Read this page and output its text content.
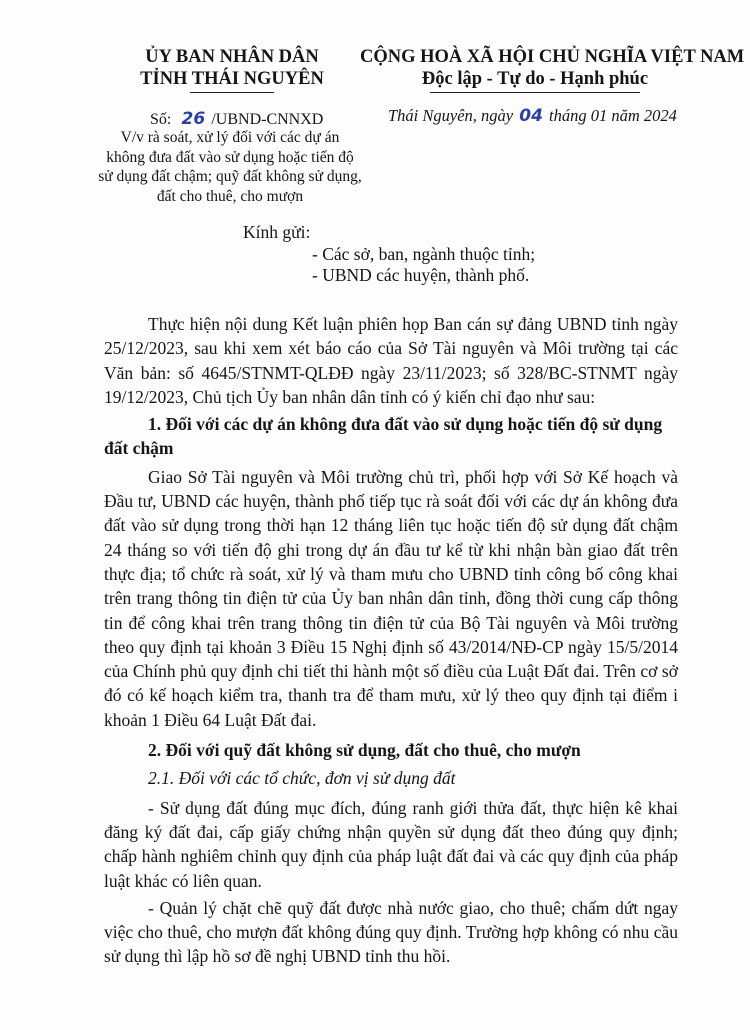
ỦY BAN NHÂN DÂN
TỈNH THÁI NGUYÊN
CỘNG HOÀ XÃ HỘI CHỦ NGHĨA VIỆT NAM
Độc lập - Tự do - Hạnh phúc
Số: 26 /UBND-CNNXD
V/v rà soát, xử lý đối với các dự án
không đưa đất vào sử dụng hoặc tiến độ
sử dụng đất chậm; quỹ đất không sử dụng,
đất cho thuê, cho mượn
Thái Nguyên, ngày 04 tháng 01 năm 2024
Kính gửi:
- Các sở, ban, ngành thuộc tỉnh;
- UBND các huyện, thành phố.

Thực hiện nội dung Kết luận phiên họp Ban cán sự đảng UBND tỉnh ngày 25/12/2023, sau khi xem xét báo cáo của Sở Tài nguyên và Môi trường tại các Văn bản: số 4645/STNMT-QLĐĐ ngày 23/11/2023; số 328/BC-STNMT ngày 19/12/2023, Chủ tịch Ủy ban nhân dân tỉnh có ý kiến chỉ đạo như sau:

1. Đối với các dự án không đưa đất vào sử dụng hoặc tiến độ sử dụng đất chậm

Giao Sở Tài nguyên và Môi trường chủ trì, phối hợp với Sở Kế hoạch và Đầu tư, UBND các huyện, thành phố tiếp tục rà soát đối với các dự án không đưa đất vào sử dụng trong thời hạn 12 tháng liên tục hoặc tiến độ sử dụng đất chậm 24 tháng so với tiến độ ghi trong dự án đầu tư kể từ khi nhận bàn giao đất trên thực địa; tổ chức rà soát, xử lý và tham mưu cho UBND tỉnh công bố công khai trên trang thông tin điện tử của Ủy ban nhân dân tỉnh, đồng thời cung cấp thông tin để công khai trên trang thông tin điện tử của Bộ Tài nguyên và Môi trường theo quy định tại khoản 3 Điều 15 Nghị định số 43/2014/NĐ-CP ngày 15/5/2014 của Chính phủ quy định chi tiết thi hành một số điều của Luật Đất đai. Trên cơ sở đó có kế hoạch kiểm tra, thanh tra để tham mưu, xử lý theo quy định tại điểm i khoản 1 Điều 64 Luật Đất đai.

2. Đối với quỹ đất không sử dụng, đất cho thuê, cho mượn
2.1. Đối với các tổ chức, đơn vị sử dụng đất

- Sử dụng đất đúng mục đích, đúng ranh giới thửa đất, thực hiện kê khai đăng ký đất đai, cấp giấy chứng nhận quyền sử dụng đất theo đúng quy định; chấp hành nghiêm chỉnh quy định của pháp luật đất đai và các quy định của pháp luật khác có liên quan.

- Quản lý chặt chẽ quỹ đất được nhà nước giao, cho thuê; chấm dứt ngay việc cho thuê, cho mượn đất không đúng quy định. Trường hợp không có nhu cầu sử dụng thì lập hồ sơ đề nghị UBND tỉnh thu hồi.
